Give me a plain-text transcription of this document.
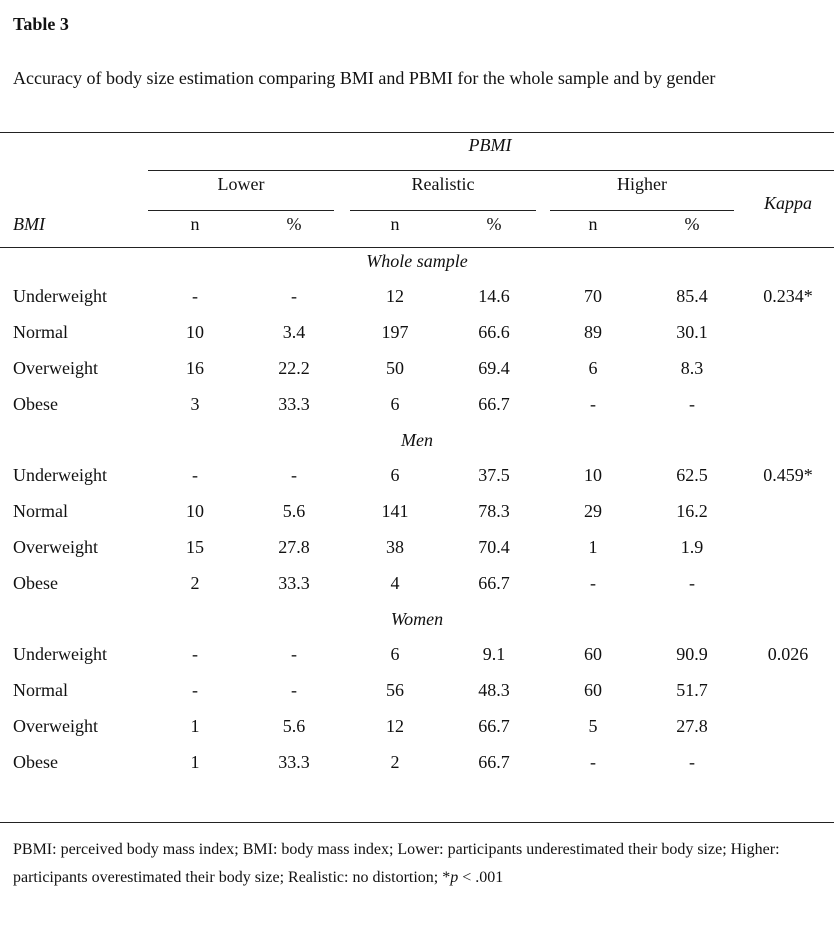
Table 3
Accuracy of body size estimation comparing BMI and PBMI for the whole sample and by gender
PBMI
Lower	Realistic	Higher
BMI
Kappa
n	%	n	%	n	%
Whole sample
Underweight	-	-	12	14.6	70	85.4	0.234*
Normal	10	3.4	197	66.6	89	30.1
Overweight	16	22.2	50	69.4	6	8.3
Obese	3	33.3	6	66.7	-	-
Men
Underweight	-	-	6	37.5	10	62.5	0.459*
Normal	10	5.6	141	78.3	29	16.2
Overweight	15	27.8	38	70.4	1	1.9
Obese	2	33.3	4	66.7	-	-
Women
Underweight	-	-	6	9.1	60	90.9	0.026
Normal	-	-	56	48.3	60	51.7
Overweight	1	5.6	12	66.7	5	27.8
Obese	1	33.3	2	66.7	-	-
PBMI: perceived body mass index; BMI: body mass index; Lower: participants underestimated their body size; Higher: participants overestimated their body size; Realistic: no distortion; *p < .001
